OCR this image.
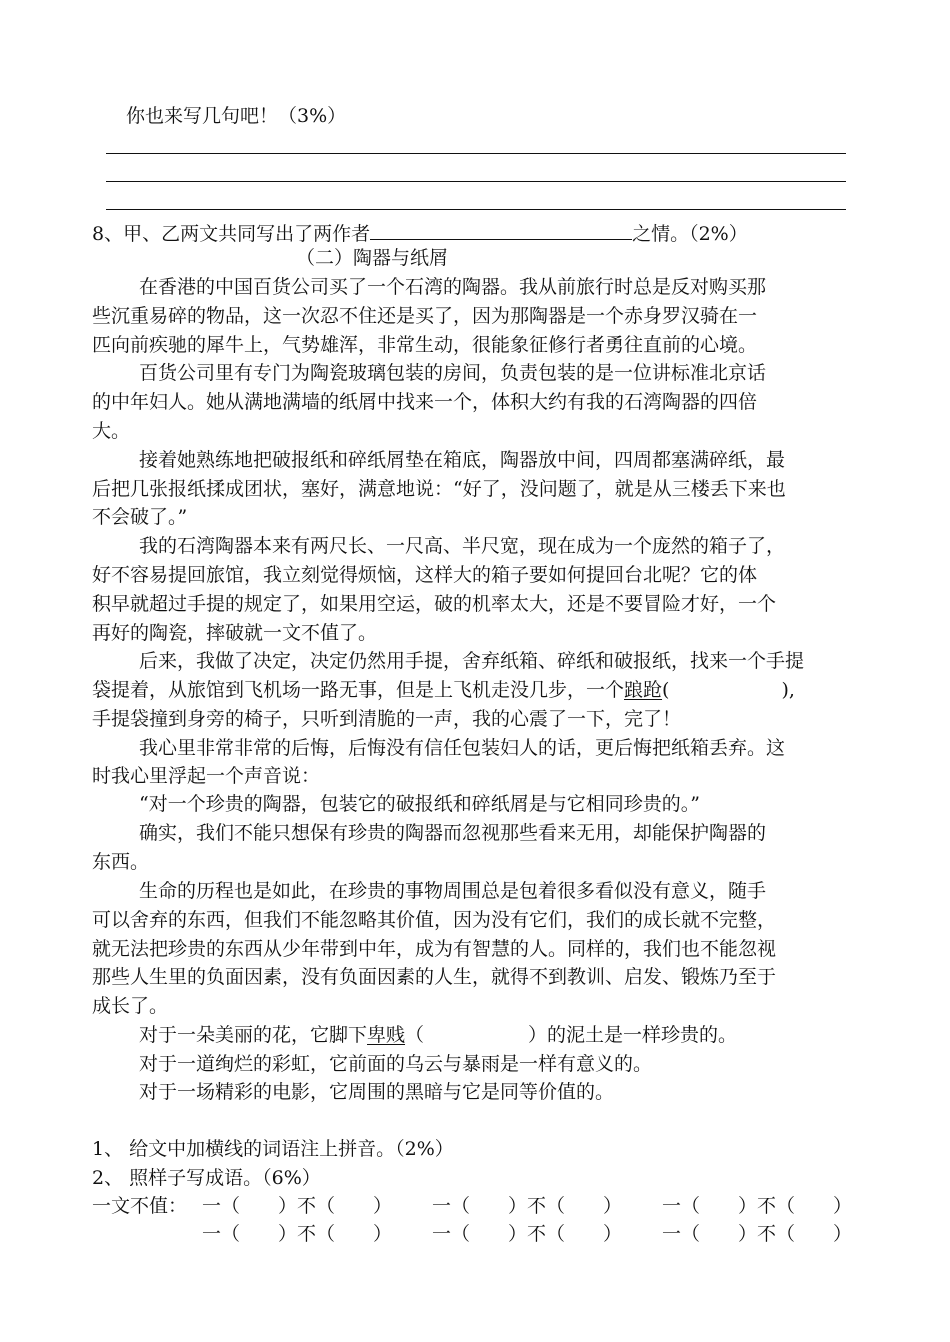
你也来写几句吧！（3%）
8、甲、乙两文共同写出了两作者	之情。（2%）
（二）陶器与纸屑
在香港的中国百货公司买了一个石湾的陶器。我从前旅行时总是反对购买那
些沉重易碎的物品，这一次忍不住还是买了，因为那陶器是一个赤身罗汉骑在一
匹向前疾驰的犀牛上，气势雄浑，非常生动，很能象征修行者勇往直前的心境。
百货公司里有专门为陶瓷玻璃包装的房间，负责包装的是一位讲标准北京话
的中年妇人。她从满地满墙的纸屑中找来一个，体积大约有我的石湾陶器的四倍
大。
接着她熟练地把破报纸和碎纸屑垫在箱底，陶器放中间，四周都塞满碎纸，最
后把几张报纸揉成团状，塞好，满意地说：“好了，没问题了，就是从三楼丢下来也
不会破了。”
我的石湾陶器本来有两尺长、一尺高、半尺宽，现在成为一个庞然的箱子了，
好不容易提回旅馆，我立刻觉得烦恼，这样大的箱子要如何提回台北呢？它的体
积早就超过手提的规定了，如果用空运，破的机率太大，还是不要冒险才好，一个
再好的陶瓷，摔破就一文不值了。
后来，我做了决定，决定仍然用手提，舍弃纸箱、碎纸和破报纸，找来一个手提
袋提着，从旅馆到飞机场一路无事，但是上飞机走没几步，一个踉跄(	),
手提袋撞到身旁的椅子，只听到清脆的一声，我的心震了一下，完了！
我心里非常非常的后悔，后悔没有信任包装妇人的话，更后悔把纸箱丢弃。这
时我心里浮起一个声音说：
“对一个珍贵的陶器，包装它的破报纸和碎纸屑是与它相同珍贵的。”
确实，我们不能只想保有珍贵的陶器而忽视那些看来无用，却能保护陶器的
东西。
生命的历程也是如此，在珍贵的事物周围总是包着很多看似没有意义，随手
可以舍弃的东西，但我们不能忽略其价值，因为没有它们，我们的成长就不完整，
就无法把珍贵的东西从少年带到中年，成为有智慧的人。同样的，我们也不能忽视
那些人生里的负面因素，没有负面因素的人生，就得不到教训、启发、锻炼乃至于
成长了。
对于一朵美丽的花，它脚下卑贱（	）的泥土是一样珍贵的。
对于一道绚烂的彩虹，它前面的乌云与暴雨是一样有意义的。
对于一场精彩的电影，它周围的黑暗与它是同等价值的。
1、 给文中加横线的词语注上拼音。（2%）
2、 照样子写成语。（6%）
一文不值： 一（　　）不（　　） 一（　　）不（　　） 一（　　）不（　　）
一（　　）不（　　） 一（　　）不（　　） 一（　　）不（　　）
